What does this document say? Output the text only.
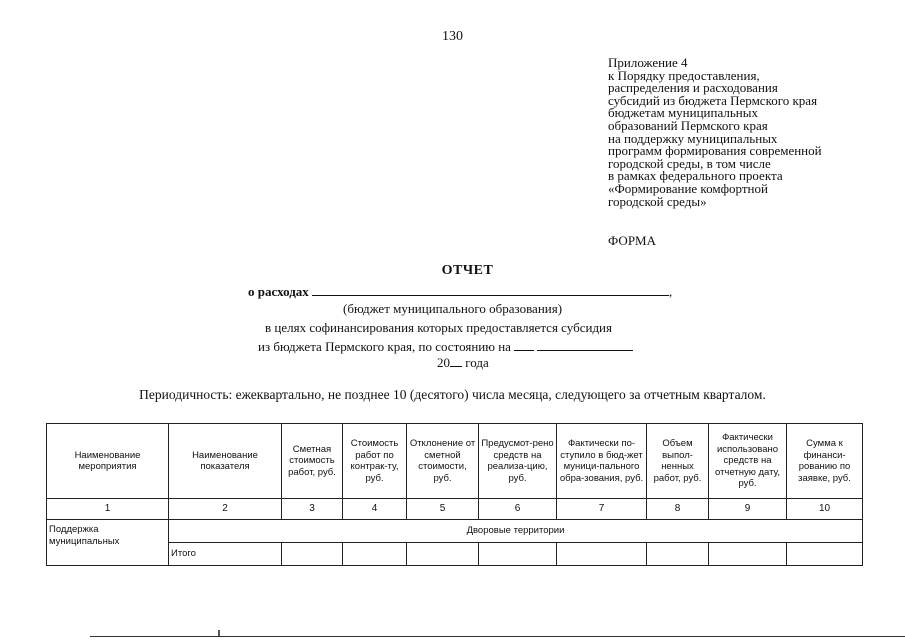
130
Приложение 4
к Порядку предоставления,
распределения и расходования
субсидий из бюджета Пермского края
бюджетам муниципальных
образований Пермского края
на поддержку муниципальных
программ формирования современной
городской среды, в том числе
в рамках федерального проекта
«Формирование комфортной
городской среды»
ФОРМА
ОТЧЕТ
о расходах	,
(бюджет муниципального образования)
в целях софинансирования которых предоставляется субсидия
из бюджета Пермского края, по состоянию на
20 года
Периодичность: ежеквартально, не позднее 10 (десятого) числа месяца, следующего за отчетным кварталом.
Наименование мероприятия	Наименование показателя	Сметная стоимость работ, руб.	Стоимость работ по контрак-ту, руб.	Отклонение от сметной стоимости, руб.	Предусмот-рено средств на реализа-цию, руб.	Фактически по-ступило в бюд-жет муници-пального обра-зования, руб.	Объем выпол-ненных работ, руб.	Фактически использовано средств на отчетную дату, руб.	Сумма к финанси-рованию по заявке, руб.
1	2	3	4	5	6	7	8	9	10
Поддержка муниципальных	Дворовые территории								
	Итого								
